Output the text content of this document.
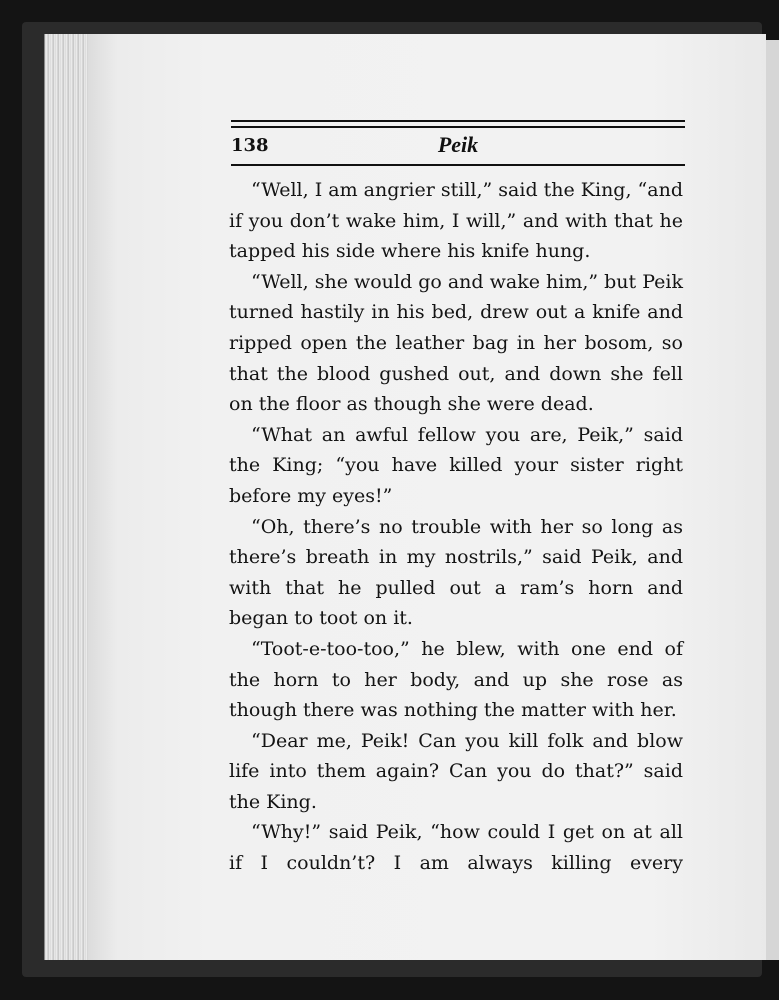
138	Peik

“Well, I am angrier still,” said the King, “and if you don’t wake him, I will,” and with that he tapped his side where his knife hung.

“Well, she would go and wake him,” but Peik turned hastily in his bed, drew out a knife and ripped open the leather bag in her bosom, so that the blood gushed out, and down she fell on the floor as though she were dead.

“What an awful fellow you are, Peik,” said the King; “you have killed your sister right before my eyes!”

“Oh, there’s no trouble with her so long as there’s breath in my nostrils,” said Peik, and with that he pulled out a ram’s horn and began to toot on it.

“Toot-e-too-too,” he blew, with one end of the horn to her body, and up she rose as though there was nothing the matter with her.

“Dear me, Peik! Can you kill folk and blow life into them again? Can you do that?” said the King.

“Why!” said Peik, “how could I get on at all if I couldn’t? I am always killing every
